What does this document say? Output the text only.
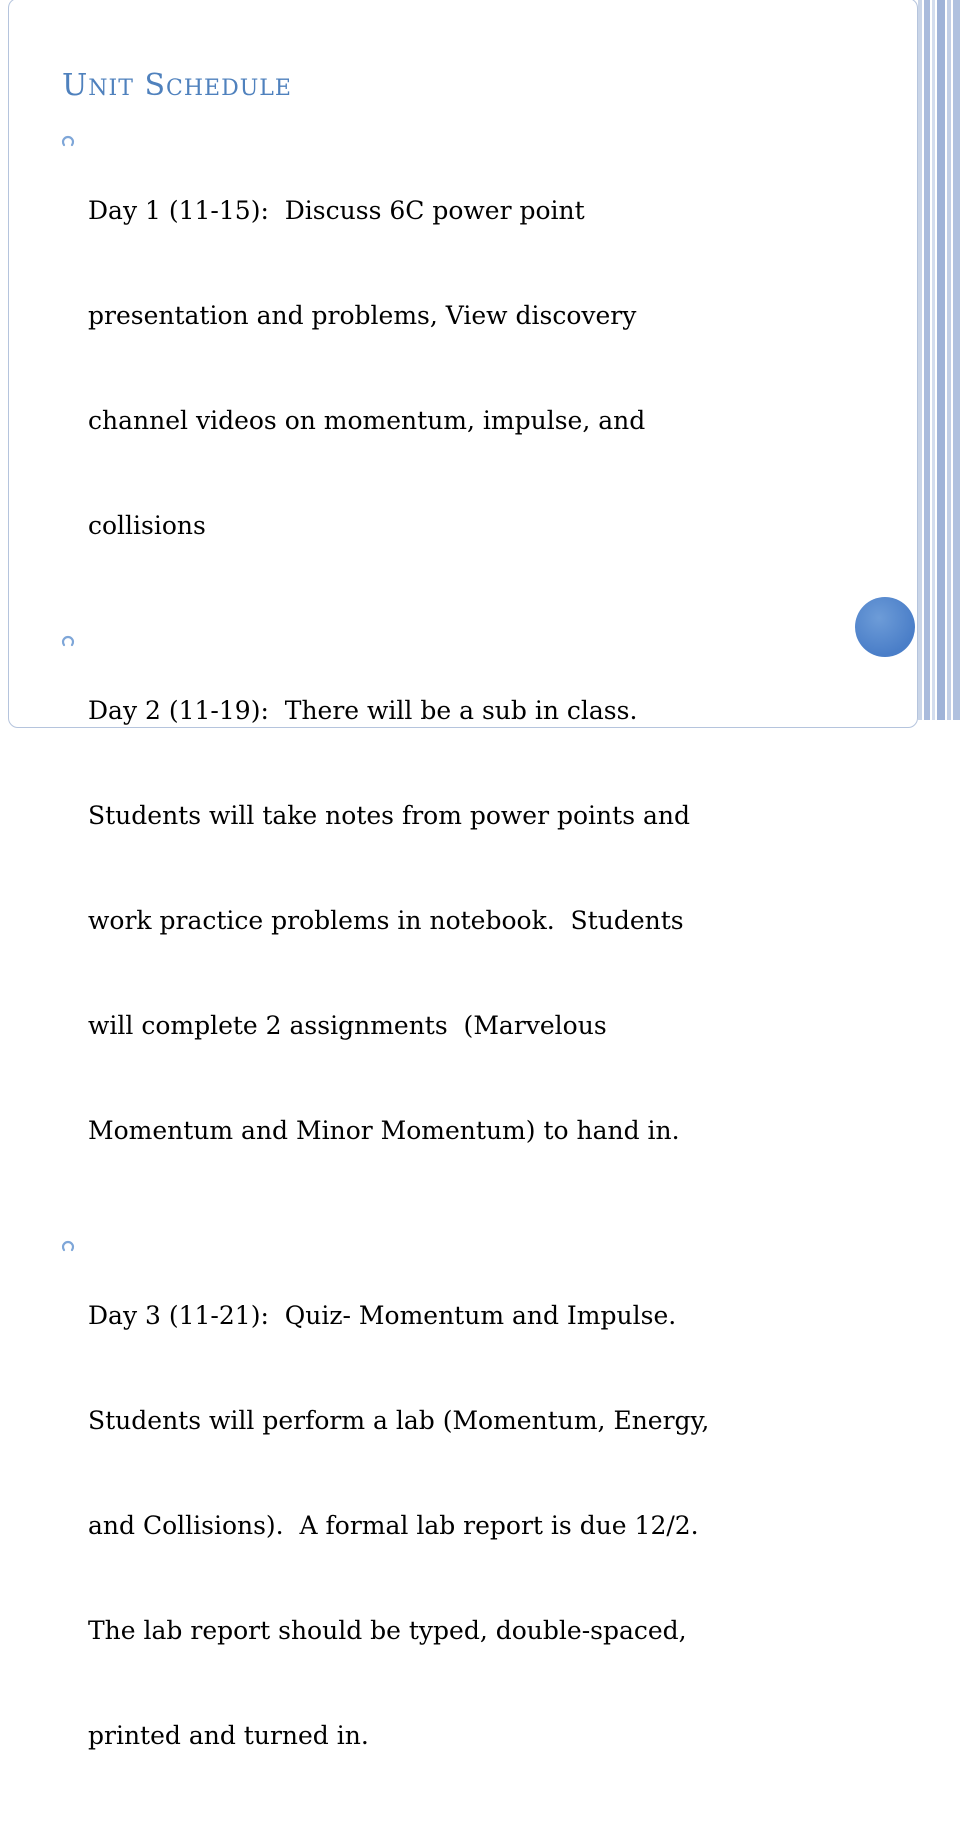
UNIT SCHEDULE

Day 1 (11-15):  Discuss 6C power point

presentation and problems, View discovery

channel videos on momentum, impulse, and

collisions

Day 2 (11-19):  There will be a sub in class.

Students will take notes from power points and

work practice problems in notebook.  Students

will complete 2 assignments  (Marvelous

Momentum and Minor Momentum) to hand in.

Day 3 (11-21):  Quiz- Momentum and Impulse.

Students will perform a lab (Momentum, Energy,

and Collisions).  A formal lab report is due 12/2.

The lab report should be typed, double-spaced,

printed and turned in.
